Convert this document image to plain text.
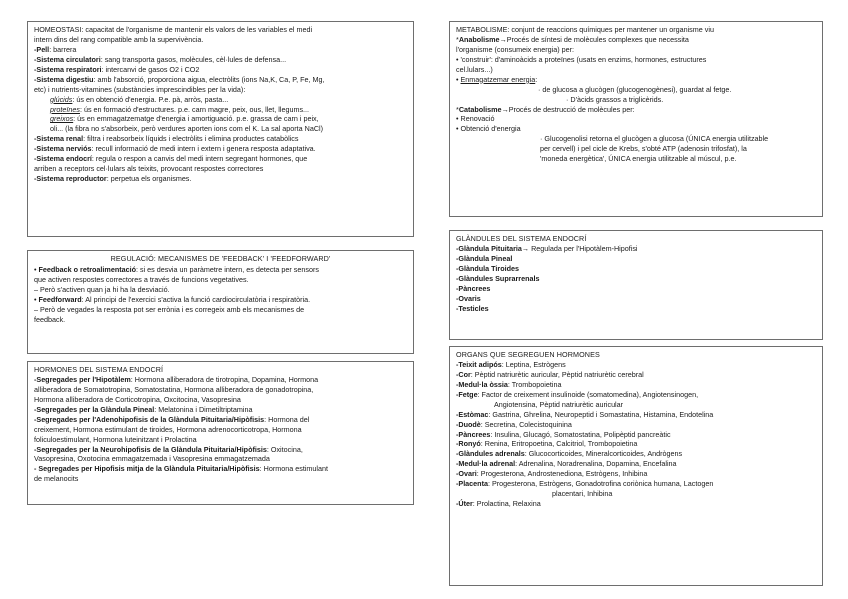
HOMEOSTASI: capacitat de l'organisme de mantenir els valors de les variables el medi
intern dins del rang compatible amb la supervivència.
-Pell: barrera
-Sistema circulatori: sang transporta gasos, molècules, cèl·lules de defensa...
-Sistema respiratori: intercanvi de gasos O2 i CO2
-Sistema digestiu: amb l'absorció, proporciona aigua, electròlits (ions Na,K, Ca, P, Fe, Mg,
etc) i nutrients-vitamines (substàncies imprescindibles per la vida):
glúcids: ús en obtenció d'energia. P.e. pà, arròs, pasta...
proteïnes: ús en formació d'estructures. p.e. carn magre, peix, ous, llet, llegums...
greixos: ús en emmagatzematge d'energia i amortiguació. p.e. grassa de carn i peix,
oli... (la fibra no s'absorbeix, però verdures aporten ions com el K. La sal aporta NaCl)
-Sistema renal: filtra i reabsorbeix líquids i electròlits i elimina productes catabòlics
-Sistema nerviós: recull informació de medi intern i extern i genera resposta adaptativa.
-Sistema endocrí: regula o respon a canvis del medi intern segregant hormones, que
arriben a receptors cel·lulars als teixits, provocant respostes correctores
-Sistema reproductor: perpetua els organismes.
REGULACIÓ: MECANISMES DE 'FEEDBACK' I 'FEEDFORWARD'
• Feedback o retroalimentació: si es desvia un paràmetre intern, es detecta per sensors
que activen respostes correctores a través de funcions vegetatives.
– Però s'activen quan ja hi ha la desviació.
• Feedforward: Al principi de l'exercici s'activa la funció cardiocirculatòria i respiratòria.
– Però de vegades la resposta pot ser errònia i es corregeix amb els mecanismes de
feedback.
HORMONES DEL SISTEMA ENDOCRÍ
-Segregades per l'Hipotàlem: Hormona alliberadora de tirotropina, Dopamina, Hormona
alliberadora de Somatotropina, Somatostatina, Hormona alliberadora de gonadotropina,
Hormona alliberadora de Corticotropina, Oxcitocina, Vasopresina
-Segregades per la Glàndula Pineal: Melatonina i Dimetiltriptamina
-Segregades per l'Adenohipofisis de la Glàndula Pituitaria/Hipòfisis: Hormona del
creixement, Hormona estimulant de tiroides, Hormona adrenocorticotropa, Hormona
foliculoestimulant, Hormona luteinitzant i Prolactina
-Segregades per la Neurohipofisis de la Glàndula Pituitaria/Hipòfisis: Oxitocina,
Vasopresina, Oxotocina emmagatzemada i Vasopresina emmagatzemada
- Segregades per Hipofisis mitja de la Glàndula Pituitaria/Hipòfisis: Hormona estimulant
de melanocits
METABOLISME: conjunt de reaccions químiques per mantener un organisme viu
*Anabolisme→Procés de síntesi de molècules complexes que necessita
l'organisme (consumeix energia) per:
• 'construir': d'aminoàcids a proteïnes (usats en enzims, hormones, estructures
cel.lulars...)
• Enmagatzemar energia:
· de glucosa a glucògen (glucogenogènesi), guardat al fetge.
· D'àcids grassos a triglicèrids.
*Catabolisme→Procés de destrucció de molècules per:
• Renovació
• Obtenció d'energia
· Glucogenolisi retorna el glucògen a glucosa (ÚNICA energia utilitzable
per cervell) i pel cicle de Krebs, s'obté ATP (adenosin trifosfat), la
'moneda energètica', ÚNICA energia utilitzable al múscul, p.e.
GLÀNDULES DEL SISTEMA ENDOCRÍ
-Glàndula Pituitaria→ Regulada per l'Hipotàlem-Hipofisi
-Glàndula Pineal
-Glàndula Tiroides
-Glàndules Suprarrenals
-Pàncrees
-Ovaris
-Testicles
ORGANS QUE SEGREGUEN HORMONES
-Teixit adipós: Leptina, Estrògens
-Cor: Pèptid natriurètic auricular, Pèptid natriurètic cerebral
-Medul·la òssia: Trombopoietina
-Fetge: Factor de creixement insulinoide (somatomedina), Angiotensinogen,
Angiotensina, Pèptid natriurètic auricular
-Estòmac: Gastrina, Ghrelina, Neuropeptid i Somastatina, Histamina, Endotelina
-Duodè: Secretina, Colecistoquinina
-Pàncrees: Insulina, Glucagó, Somatostatina, Polipèptid pancreàtic
-Ronyó: Renina, Eritropoetina, Calcitriol, Trombopoietina
-Glàndules adrenals: Glucocorticoides, Mineralcorticoides, Andrògens
-Medul·la adrenal: Adrenalina, Noradrenalina, Dopamina, Encefalina
-Ovari: Progesterona, Androstenediona, Estrògens, Inhibina
-Placenta: Progesterona, Estrògens, Gonadotrofina coriònica humana, Lactogen
placentari, Inhibina
-Úter: Prolactina, Relaxina
